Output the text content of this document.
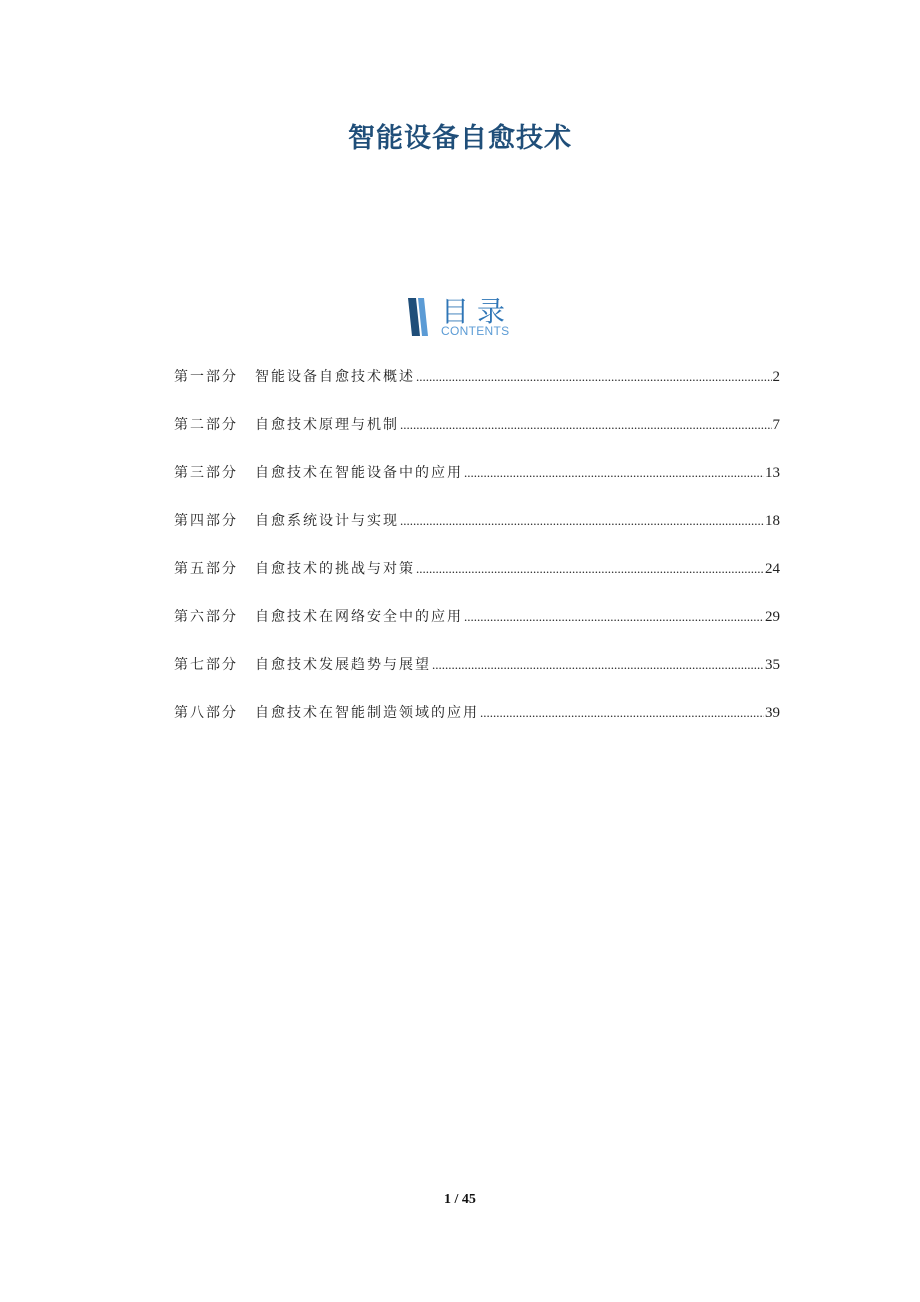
智能设备自愈技术
目录
CONTENTS
第一部分	智能设备自愈技术概述 .....	2
第二部分	自愈技术原理与机制 .....	7
第三部分	自愈技术在智能设备中的应用 .....	13
第四部分	自愈系统设计与实现 .....	18
第五部分	自愈技术的挑战与对策 .....	24
第六部分	自愈技术在网络安全中的应用 .....	29
第七部分	自愈技术发展趋势与展望 .....	35
第八部分	自愈技术在智能制造领域的应用 .....	39
1 / 45
